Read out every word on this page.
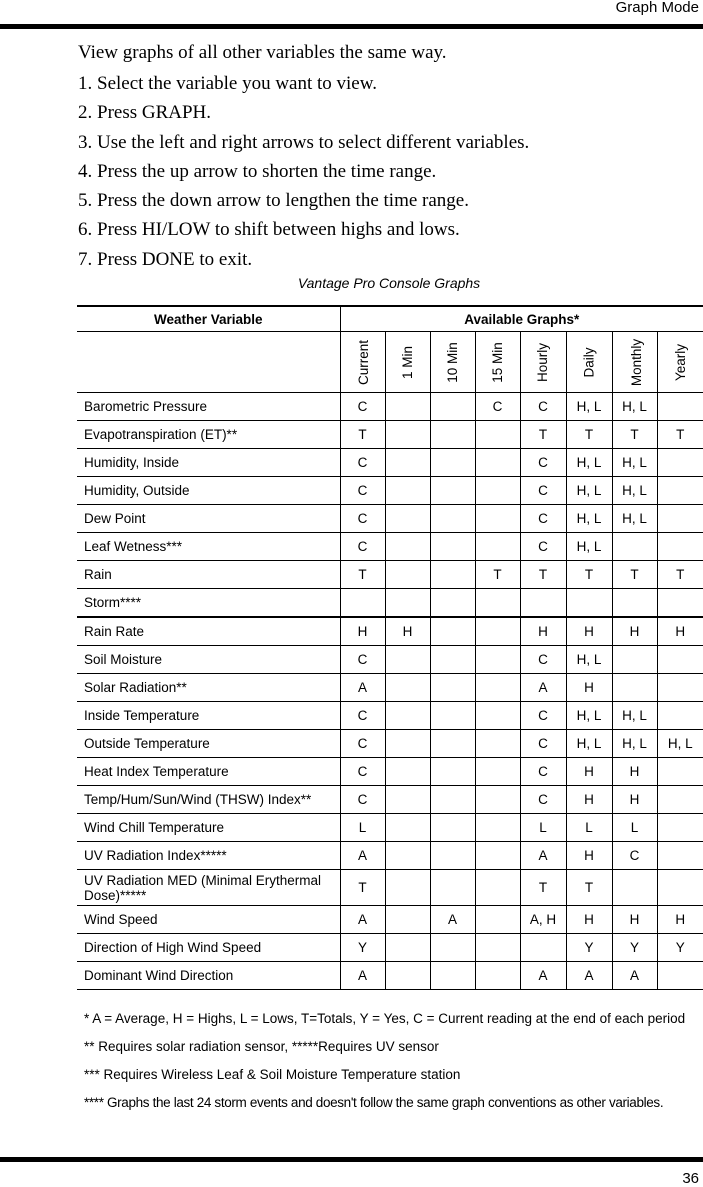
Graph Mode
View graphs of all other variables the same way.
1. Select the variable you want to view.
2. Press GRAPH.
3. Use the left and right arrows to select different variables.
4. Press the up arrow to shorten the time range.
5. Press the down arrow to lengthen the time range.
6. Press HI/LOW to shift between highs and lows.
7. Press DONE to exit.
Vantage Pro Console Graphs
Weather Variable	Available Graphs*							
	Current	1 Min	10 Min	15 Min	Hourly	Daily	Monthly	Yearly
Barometric Pressure	C			C	C	H, L	H, L	
Evapotranspiration (ET)**	T				T	T	T	T
Humidity, Inside	C				C	H, L	H, L	
Humidity, Outside	C				C	H, L	H, L	
Dew Point	C				C	H, L	H, L	
Leaf Wetness***	C				C	H, L		
Rain	T			T	T	T	T	T
Storm****								
Rain Rate	H	H			H	H	H	H
Soil Moisture	C				C	H, L		
Solar Radiation**	A				A	H		
Inside Temperature	C				C	H, L	H, L	
Outside Temperature	C				C	H, L	H, L	H, L
Heat Index Temperature	C				C	H	H	
Temp/Hum/Sun/Wind (THSW) Index**	C				C	H	H	
Wind Chill Temperature	L				L	L	L	
UV Radiation Index*****	A				A	H	C	
UV Radiation MED (Minimal Erythermal Dose)*****	T				T	T		
Wind Speed	A		A		A, H	H	H	H
Direction of High Wind Speed	Y					Y	Y	Y
Dominant Wind Direction	A				A	A	A	
* A = Average, H = Highs, L = Lows, T=Totals, Y = Yes, C = Current reading at the end of each period
** Requires solar radiation sensor, *****Requires UV sensor
*** Requires Wireless Leaf & Soil Moisture Temperature station
**** Graphs the last 24 storm events and doesn't follow the same graph conventions as other variables.
36
